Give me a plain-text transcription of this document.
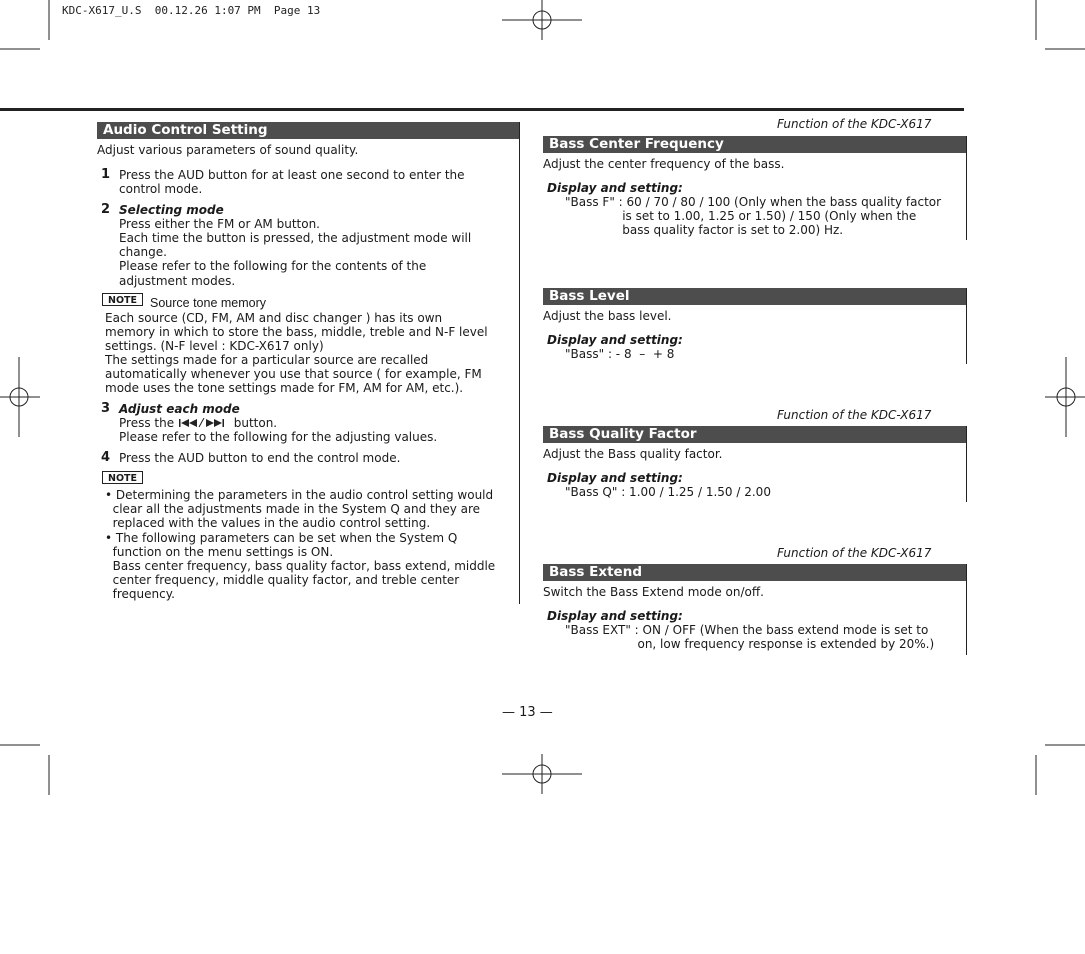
KDC-X617_U.S  00.12.26 1:07 PM  Page 13
Audio Control Setting
Adjust various parameters of sound quality.
1 Press the AUD button for at least one second to enter the
control mode.
2 Selecting mode
Press either the FM or AM button.
Each time the button is pressed, the adjustment mode will
change.
Please refer to the following for the contents of the
adjustment modes.
NOTE	Source tone memory
Each source (CD, FM, AM and disc changer ) has its own
memory in which to store the bass, middle, treble and N-F level
settings. (N-F level : KDC-X617 only)
The settings made for a particular source are recalled
automatically whenever you use that source ( for example, FM
mode uses the tone settings made for FM, AM for AM, etc.).
3 Adjust each mode
Press the	button.
Please refer to the following for the adjusting values.
4 Press the AUD button to end the control mode.
NOTE
• Determining the parameters in the audio control setting would
clear all the adjustments made in the System Q and they are
replaced with the values in the audio control setting.
• The following parameters can be set when the System Q
function on the menu settings is ON.
Bass center frequency, bass quality factor, bass extend, middle
center frequency, middle quality factor, and treble center
frequency.
Function of the KDC-X617
Bass Center Frequency
Adjust the center frequency of the bass.
Display and setting:
"Bass F" : 60 / 70 / 80 / 100 (Only when the bass quality factor
is set to 1.00, 1.25 or 1.50) / 150 (Only when the
bass quality factor is set to 2.00) Hz.
Bass Level
Adjust the bass level.
Display and setting:
"Bass" : - 8  –  + 8
Function of the KDC-X617
Bass Quality Factor
Adjust the Bass quality factor.
Display and setting:
"Bass Q" : 1.00 / 1.25 / 1.50 / 2.00
Function of the KDC-X617
Bass Extend
Switch the Bass Extend mode on/off.
Display and setting:
"Bass EXT" : ON / OFF (When the bass extend mode is set to
on, low frequency response is extended by 20%.)
— 13 —
